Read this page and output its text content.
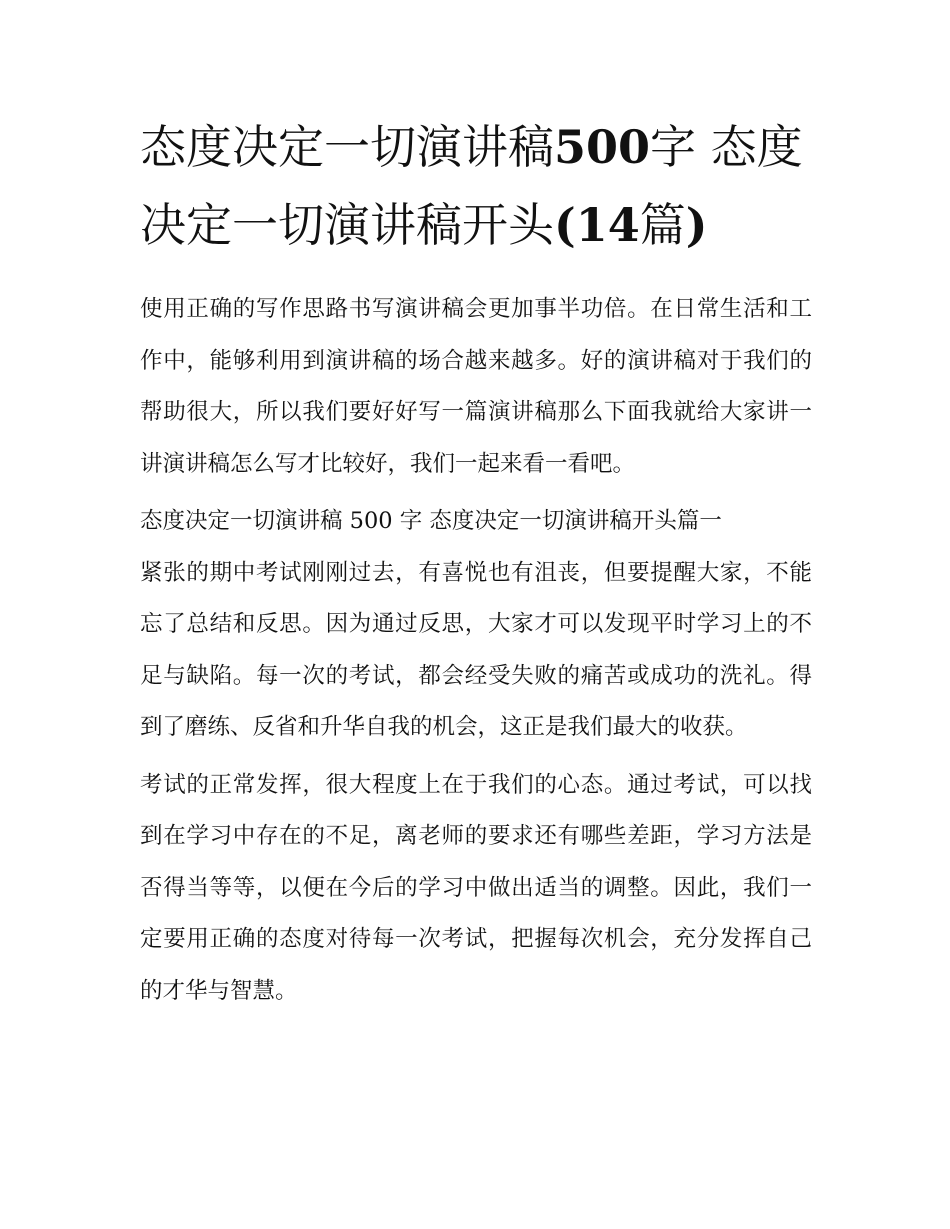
态度决定一切演讲稿500字 态度决定一切演讲稿开头(14篇)

使用正确的写作思路书写演讲稿会更加事半功倍。在日常生活和工作中，能够利用到演讲稿的场合越来越多。好的演讲稿对于我们的帮助很大，所以我们要好好写一篇演讲稿那么下面我就给大家讲一讲演讲稿怎么写才比较好，我们一起来看一看吧。

态度决定一切演讲稿 500 字 态度决定一切演讲稿开头篇一

紧张的期中考试刚刚过去，有喜悦也有沮丧，但要提醒大家，不能忘了总结和反思。因为通过反思，大家才可以发现平时学习上的不足与缺陷。每一次的考试，都会经受失败的痛苦或成功的洗礼。得到了磨练、反省和升华自我的机会，这正是我们最大的收获。

考试的正常发挥，很大程度上在于我们的心态。通过考试，可以找到在学习中存在的不足，离老师的要求还有哪些差距，学习方法是否得当等等，以便在今后的学习中做出适当的调整。因此，我们一定要用正确的态度对待每一次考试，把握每次机会，充分发挥自己的才华与智慧。
